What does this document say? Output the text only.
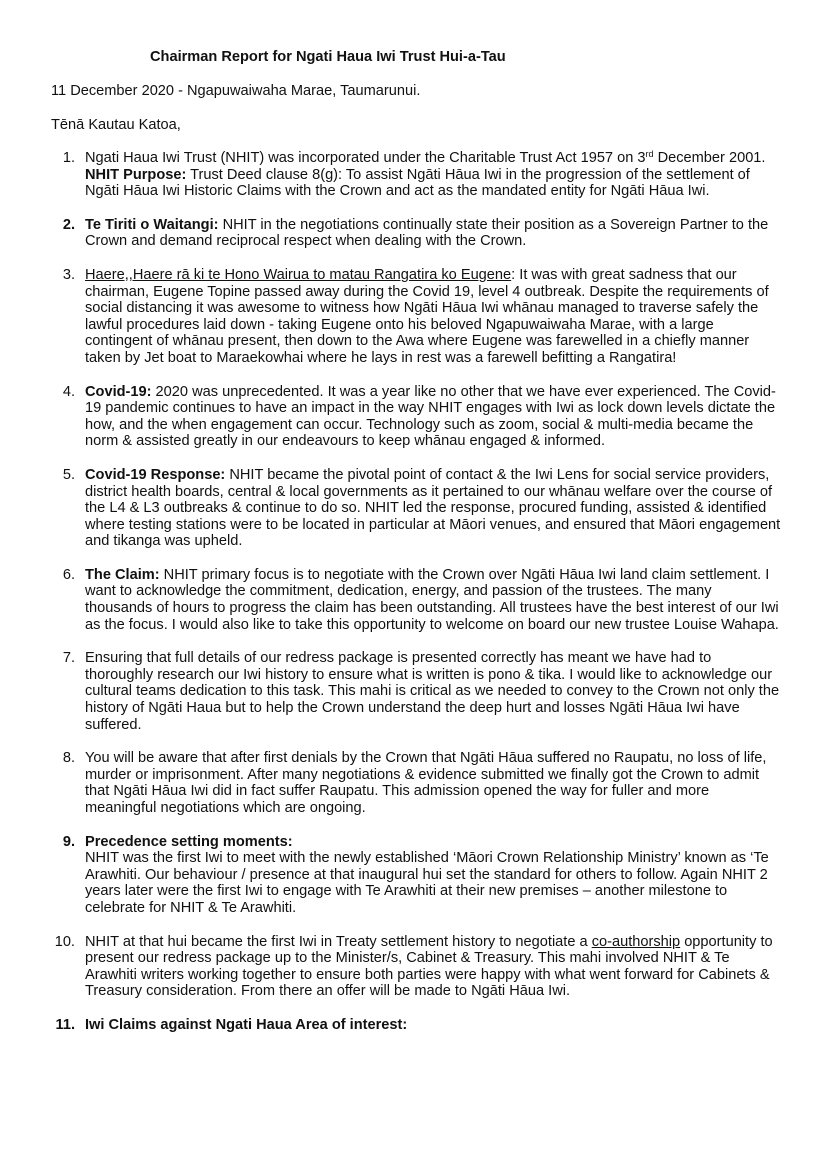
Chairman Report for Ngati Haua Iwi Trust Hui-a-Tau
11 December 2020 - Ngapuwaiwaha Marae, Taumarunui.
Tēnā Kautau Katoa,
1. Ngati Haua Iwi Trust (NHIT) was incorporated under the Charitable Trust Act 1957 on 3rd December 2001.

NHIT Purpose: Trust Deed clause 8(g): To assist Ngāti Hāua Iwi in the progression of the settlement of Ngāti Hāua Iwi Historic Claims with the Crown and act as the mandated entity for Ngāti Hāua Iwi.

2. Te Tiriti o Waitangi: NHIT in the negotiations continually state their position as a Sovereign Partner to the Crown and demand reciprocal respect when dealing with the Crown.
3. Haere,,Haere rā ki te Hono Wairua to matau Rangatira ko Eugene: It was with great sadness that our chairman, Eugene Topine passed away during the Covid 19, level 4 outbreak. Despite the requirements of social distancing it was awesome to witness how Ngāti Hāua Iwi whānau managed to traverse safely the lawful procedures laid down - taking Eugene onto his beloved Ngapuwaiwaha Marae, with a large contingent of whānau present, then down to the Awa where Eugene was farewelled in a chiefly manner taken by Jet boat to Maraekowhai where he lays in rest was a farewell befitting a Rangatira!
4. Covid-19: 2020 was unprecedented. It was a year like no other that we have ever experienced. The Covid-19 pandemic continues to have an impact in the way NHIT engages with Iwi as lock down levels dictate the how, and the when engagement can occur. Technology such as zoom, social & multi-media became the norm & assisted greatly in our endeavours to keep whānau engaged & informed.
5. Covid-19 Response: NHIT became the pivotal point of contact & the Iwi Lens for social service providers, district health boards, central & local governments as it pertained to our whānau welfare over the course of the L4 & L3 outbreaks & continue to do so. NHIT led the response, procured funding, assisted & identified where testing stations were to be located in particular at Māori venues, and ensured that Māori engagement and tikanga was upheld.
6. The Claim: NHIT primary focus is to negotiate with the Crown over Ngāti Hāua Iwi land claim settlement. I want to acknowledge the commitment, dedication, energy, and passion of the trustees. The many thousands of hours to progress the claim has been outstanding. All trustees have the best interest of our Iwi as the focus. I would also like to take this opportunity to welcome on board our new trustee Louise Wahapa.
7. Ensuring that full details of our redress package is presented correctly has meant we have had to thoroughly research our Iwi history to ensure what is written is pono & tika. I would like to acknowledge our cultural teams dedication to this task. This mahi is critical as we needed to convey to the Crown not only the history of Ngāti Haua but to help the Crown understand the deep hurt and losses Ngāti Hāua Iwi have suffered.
8. You will be aware that after first denials by the Crown that Ngāti Hāua suffered no Raupatu, no loss of life, murder or imprisonment. After many negotiations & evidence submitted we finally got the Crown to admit that Ngāti Hāua Iwi did in fact suffer Raupatu. This admission opened the way for fuller and more meaningful negotiations which are ongoing.
9. Precedence setting moments:

NHIT was the first Iwi to meet with the newly established ‘Māori Crown Relationship Ministry’ known as ‘Te Arawhiti. Our behaviour / presence at that inaugural hui set the standard for others to follow. Again NHIT 2 years later were the first Iwi to engage with Te Arawhiti at their new premises – another milestone to celebrate for NHIT & Te Arawhiti.

10. NHIT at that hui became the first Iwi in Treaty settlement history to negotiate a co-authorship opportunity to present our redress package up to the Minister/s, Cabinet & Treasury. This mahi involved NHIT & Te Arawhiti writers working together to ensure both parties were happy with what went forward for Cabinets & Treasury consideration. From there an offer will be made to Ngāti Hāua Iwi.
11. Iwi Claims against Ngati Haua Area of interest:
